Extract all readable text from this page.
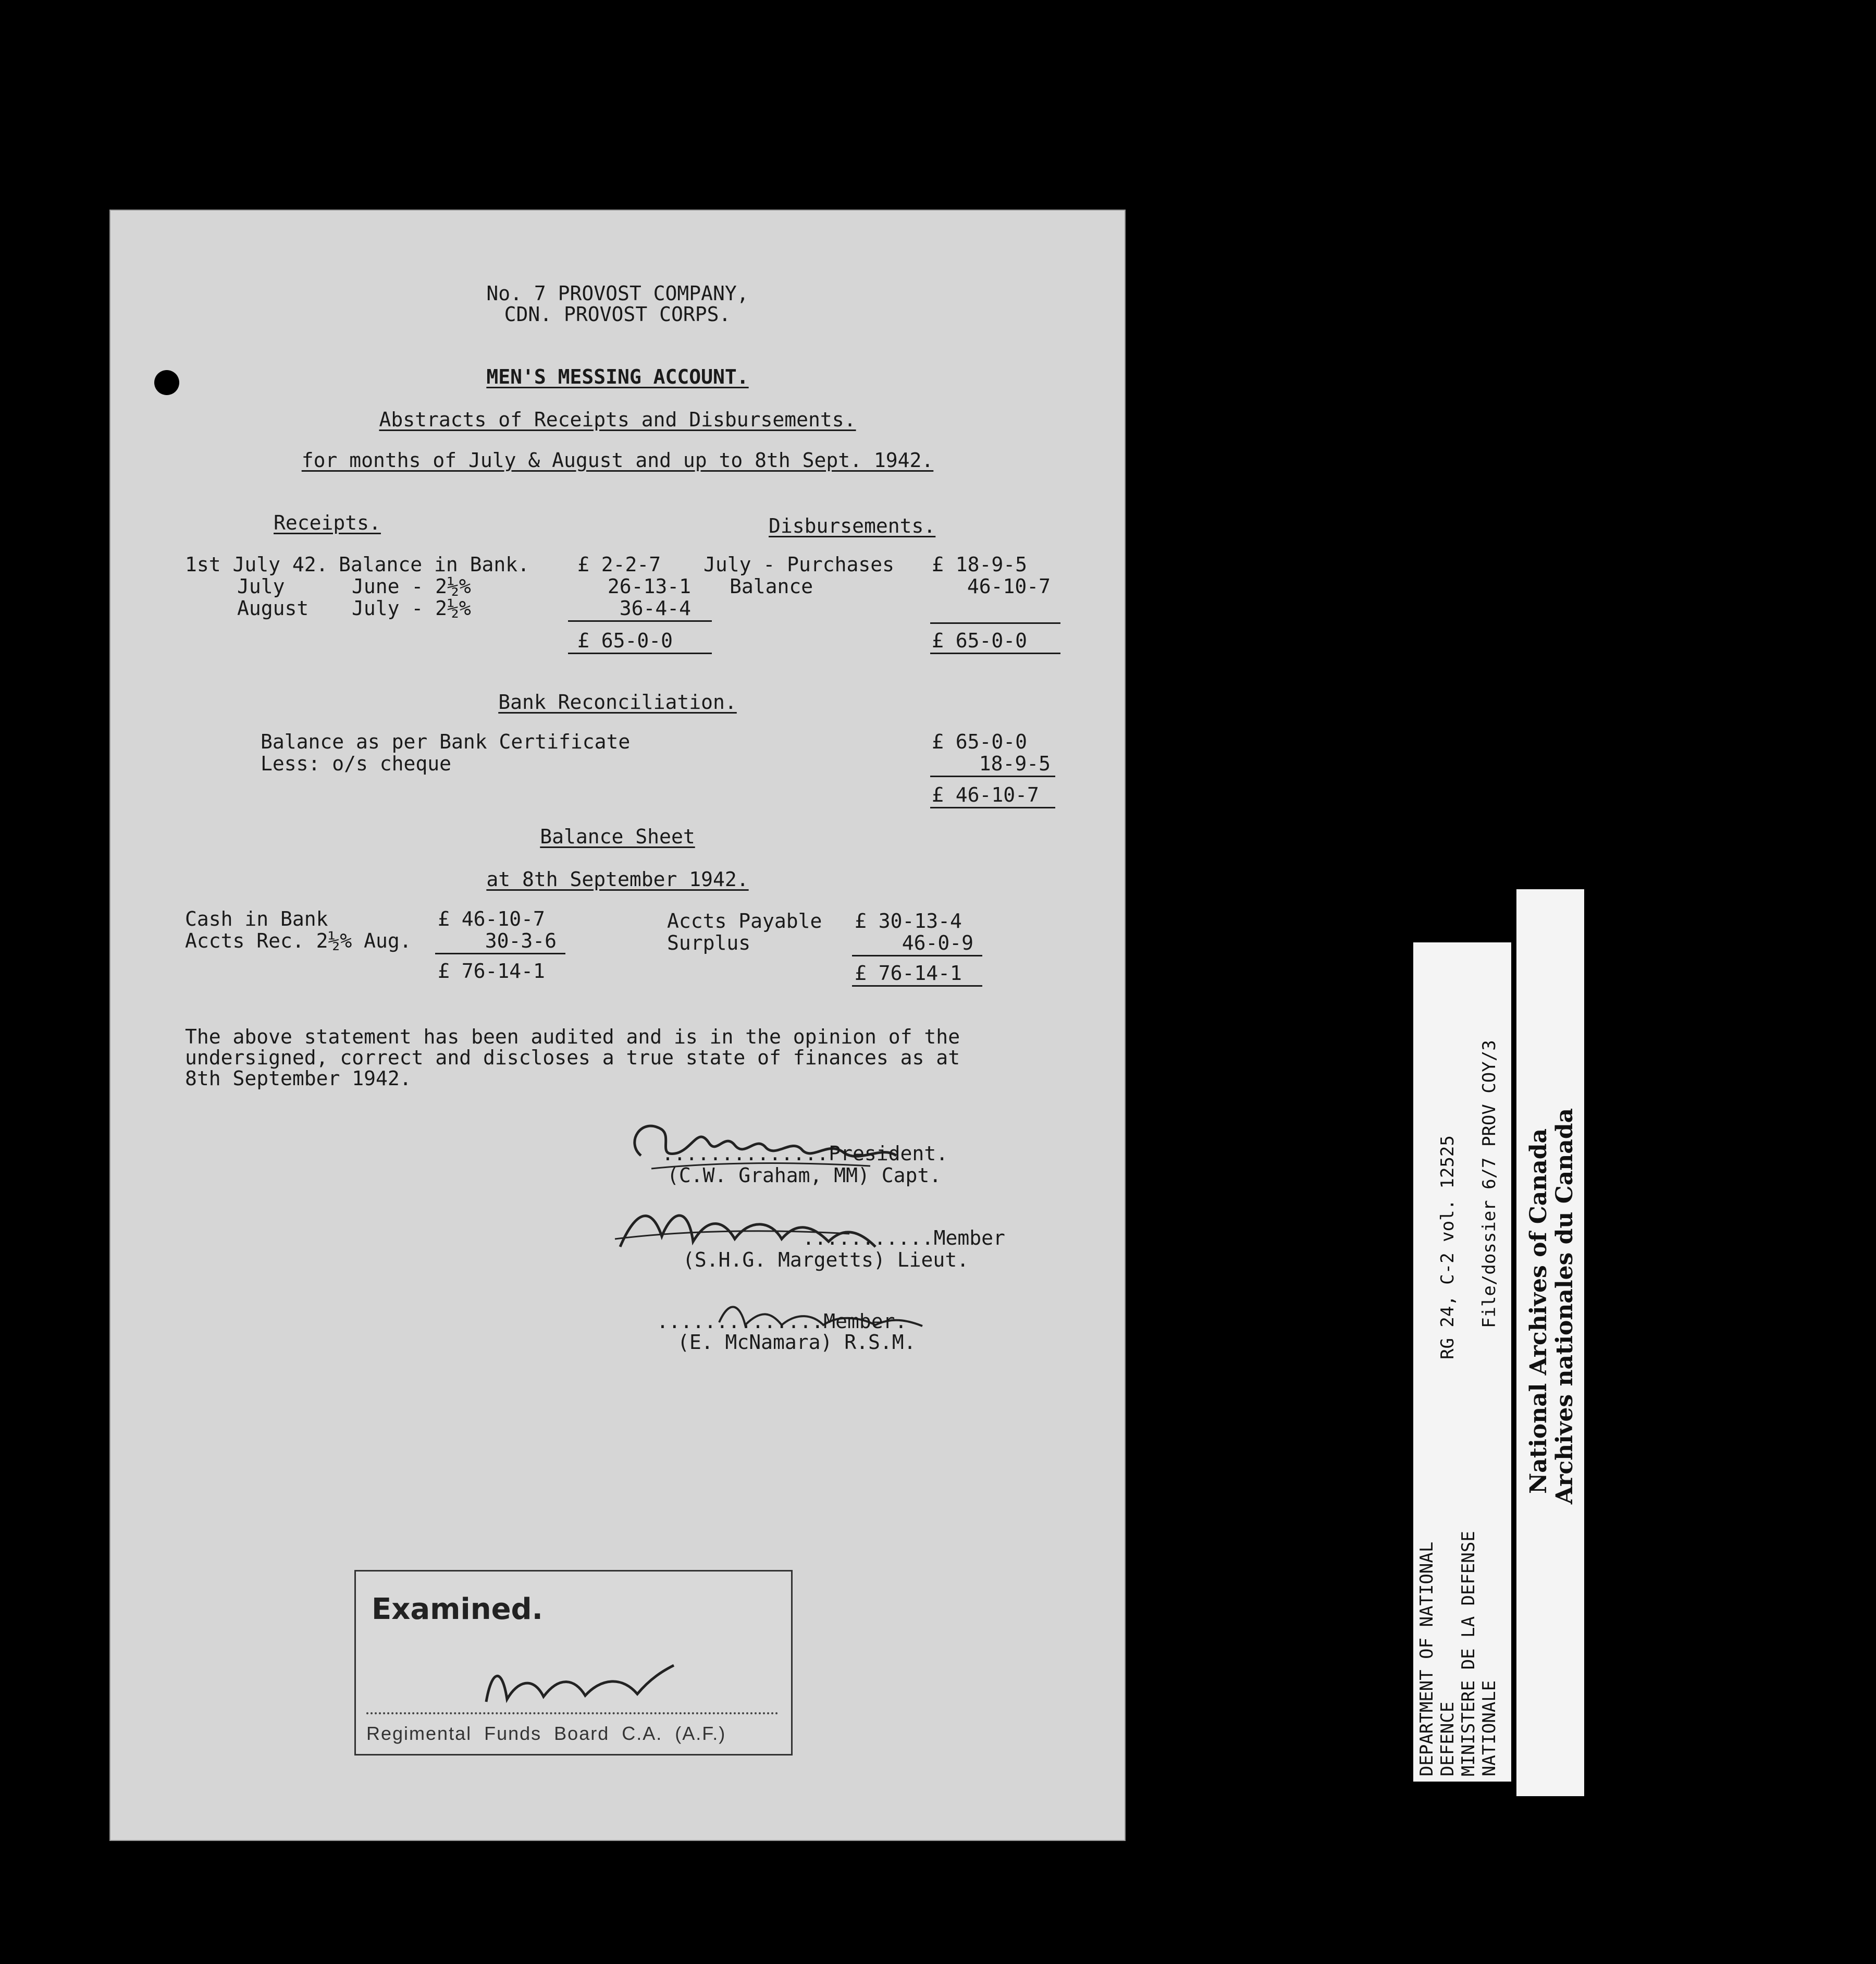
No. 7 PROVOST COMPANY,
CDN. PROVOST CORPS.
MEN'S MESSING ACCOUNT.
Abstracts of Receipts and Disbursements.
for months of July & August and up to 8th Sept. 1942.
Receipts.
1st July 42. Balance in Bank. £ 2-2-7
July	June - 2½%	26-13-1
August July - 2½%	36-4-4
£ 65-0-0
Disbursements.
July - Purchases £ 18-9-5
Balance	46-10-7
£ 65-0-0
Bank Reconciliation.
Balance as per Bank Certificate	£ 65-0-0
Less: o/s cheque	18-9-5
£ 46-10-7
Balance Sheet
at 8th September 1942.
Cash in Bank	£ 46-10-7
Accts Rec. 2½% Aug.	30-3-6
£ 76-14-1
Accts Payable £ 30-13-4
Surplus	46-0-9
£ 76-14-1
The above statement has been audited and is in the opinion of the
undersigned, correct and discloses a true state of finances as at
8th September 1942.
..............President.
(C.W. Graham, MM) Capt.
...........Member
(S.H.G. Margetts) Lieut.
..............Member.
(E. McNamara) R.S.M.
Examined.
Regimental  Funds  Board  C.A.  (A.F.)	DEPARTMENT OF NATIONAL DEFENCE MINISTERE DE LA DEFENSE NATIONALE
RG 24, C-2 vol. 12525 File/dossier 6/7 PROV COY/3 National Archives of Canada Archives nationales du Canada
